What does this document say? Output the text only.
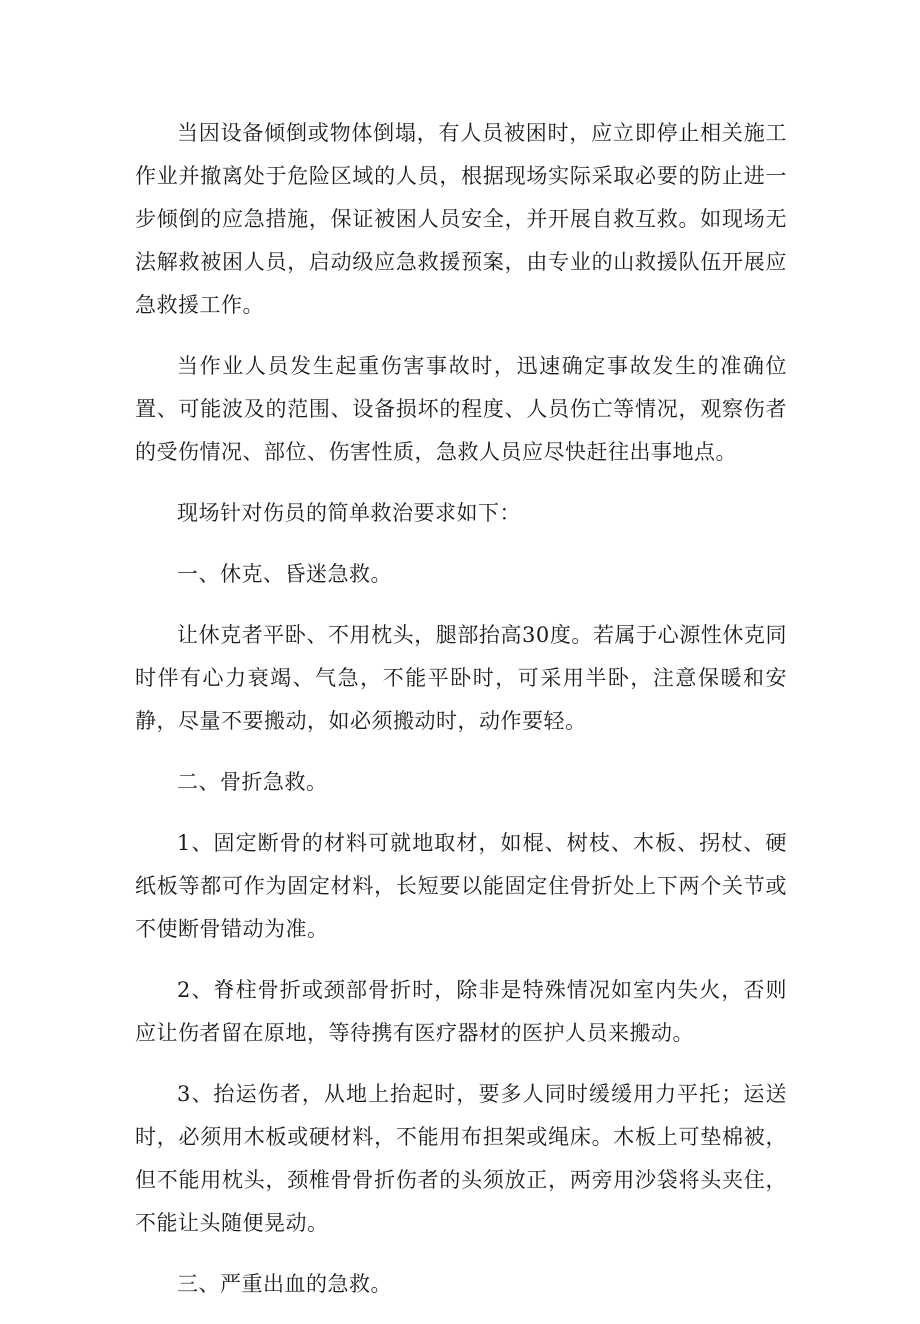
当因设备倾倒或物体倒塌，有人员被困时，应立即停止相关施工作业并撤离处于危险区域的人员，根据现场实际采取必要的防止进一步倾倒的应急措施，保证被困人员安全，并开展自救互救。如现场无法解救被困人员，启动级应急救援预案，由专业的山救援队伍开展应急救援工作。

当作业人员发生起重伤害事故时，迅速确定事故发生的准确位置、可能波及的范围、设备损坏的程度、人员伤亡等情况，观察伤者的受伤情况、部位、伤害性质，急救人员应尽快赶往出事地点。

现场针对伤员的简单救治要求如下：

一、休克、昏迷急救。

让休克者平卧、不用枕头，腿部抬高30度。若属于心源性休克同时伴有心力衰竭、气急，不能平卧时，可采用半卧，注意保暖和安静，尽量不要搬动，如必须搬动时，动作要轻。

二、骨折急救。

1、固定断骨的材料可就地取材，如棍、树枝、木板、拐杖、硬纸板等都可作为固定材料，长短要以能固定住骨折处上下两个关节或不使断骨错动为准。

2、脊柱骨折或颈部骨折时，除非是特殊情况如室内失火，否则应让伤者留在原地，等待携有医疗器材的医护人员来搬动。

3、抬运伤者，从地上抬起时，要多人同时缓缓用力平托；运送时，必须用木板或硬材料，不能用布担架或绳床。木板上可垫棉被，但不能用枕头，颈椎骨骨折伤者的头须放正，两旁用沙袋将头夹住，不能让头随便晃动。

三、严重出血的急救。
